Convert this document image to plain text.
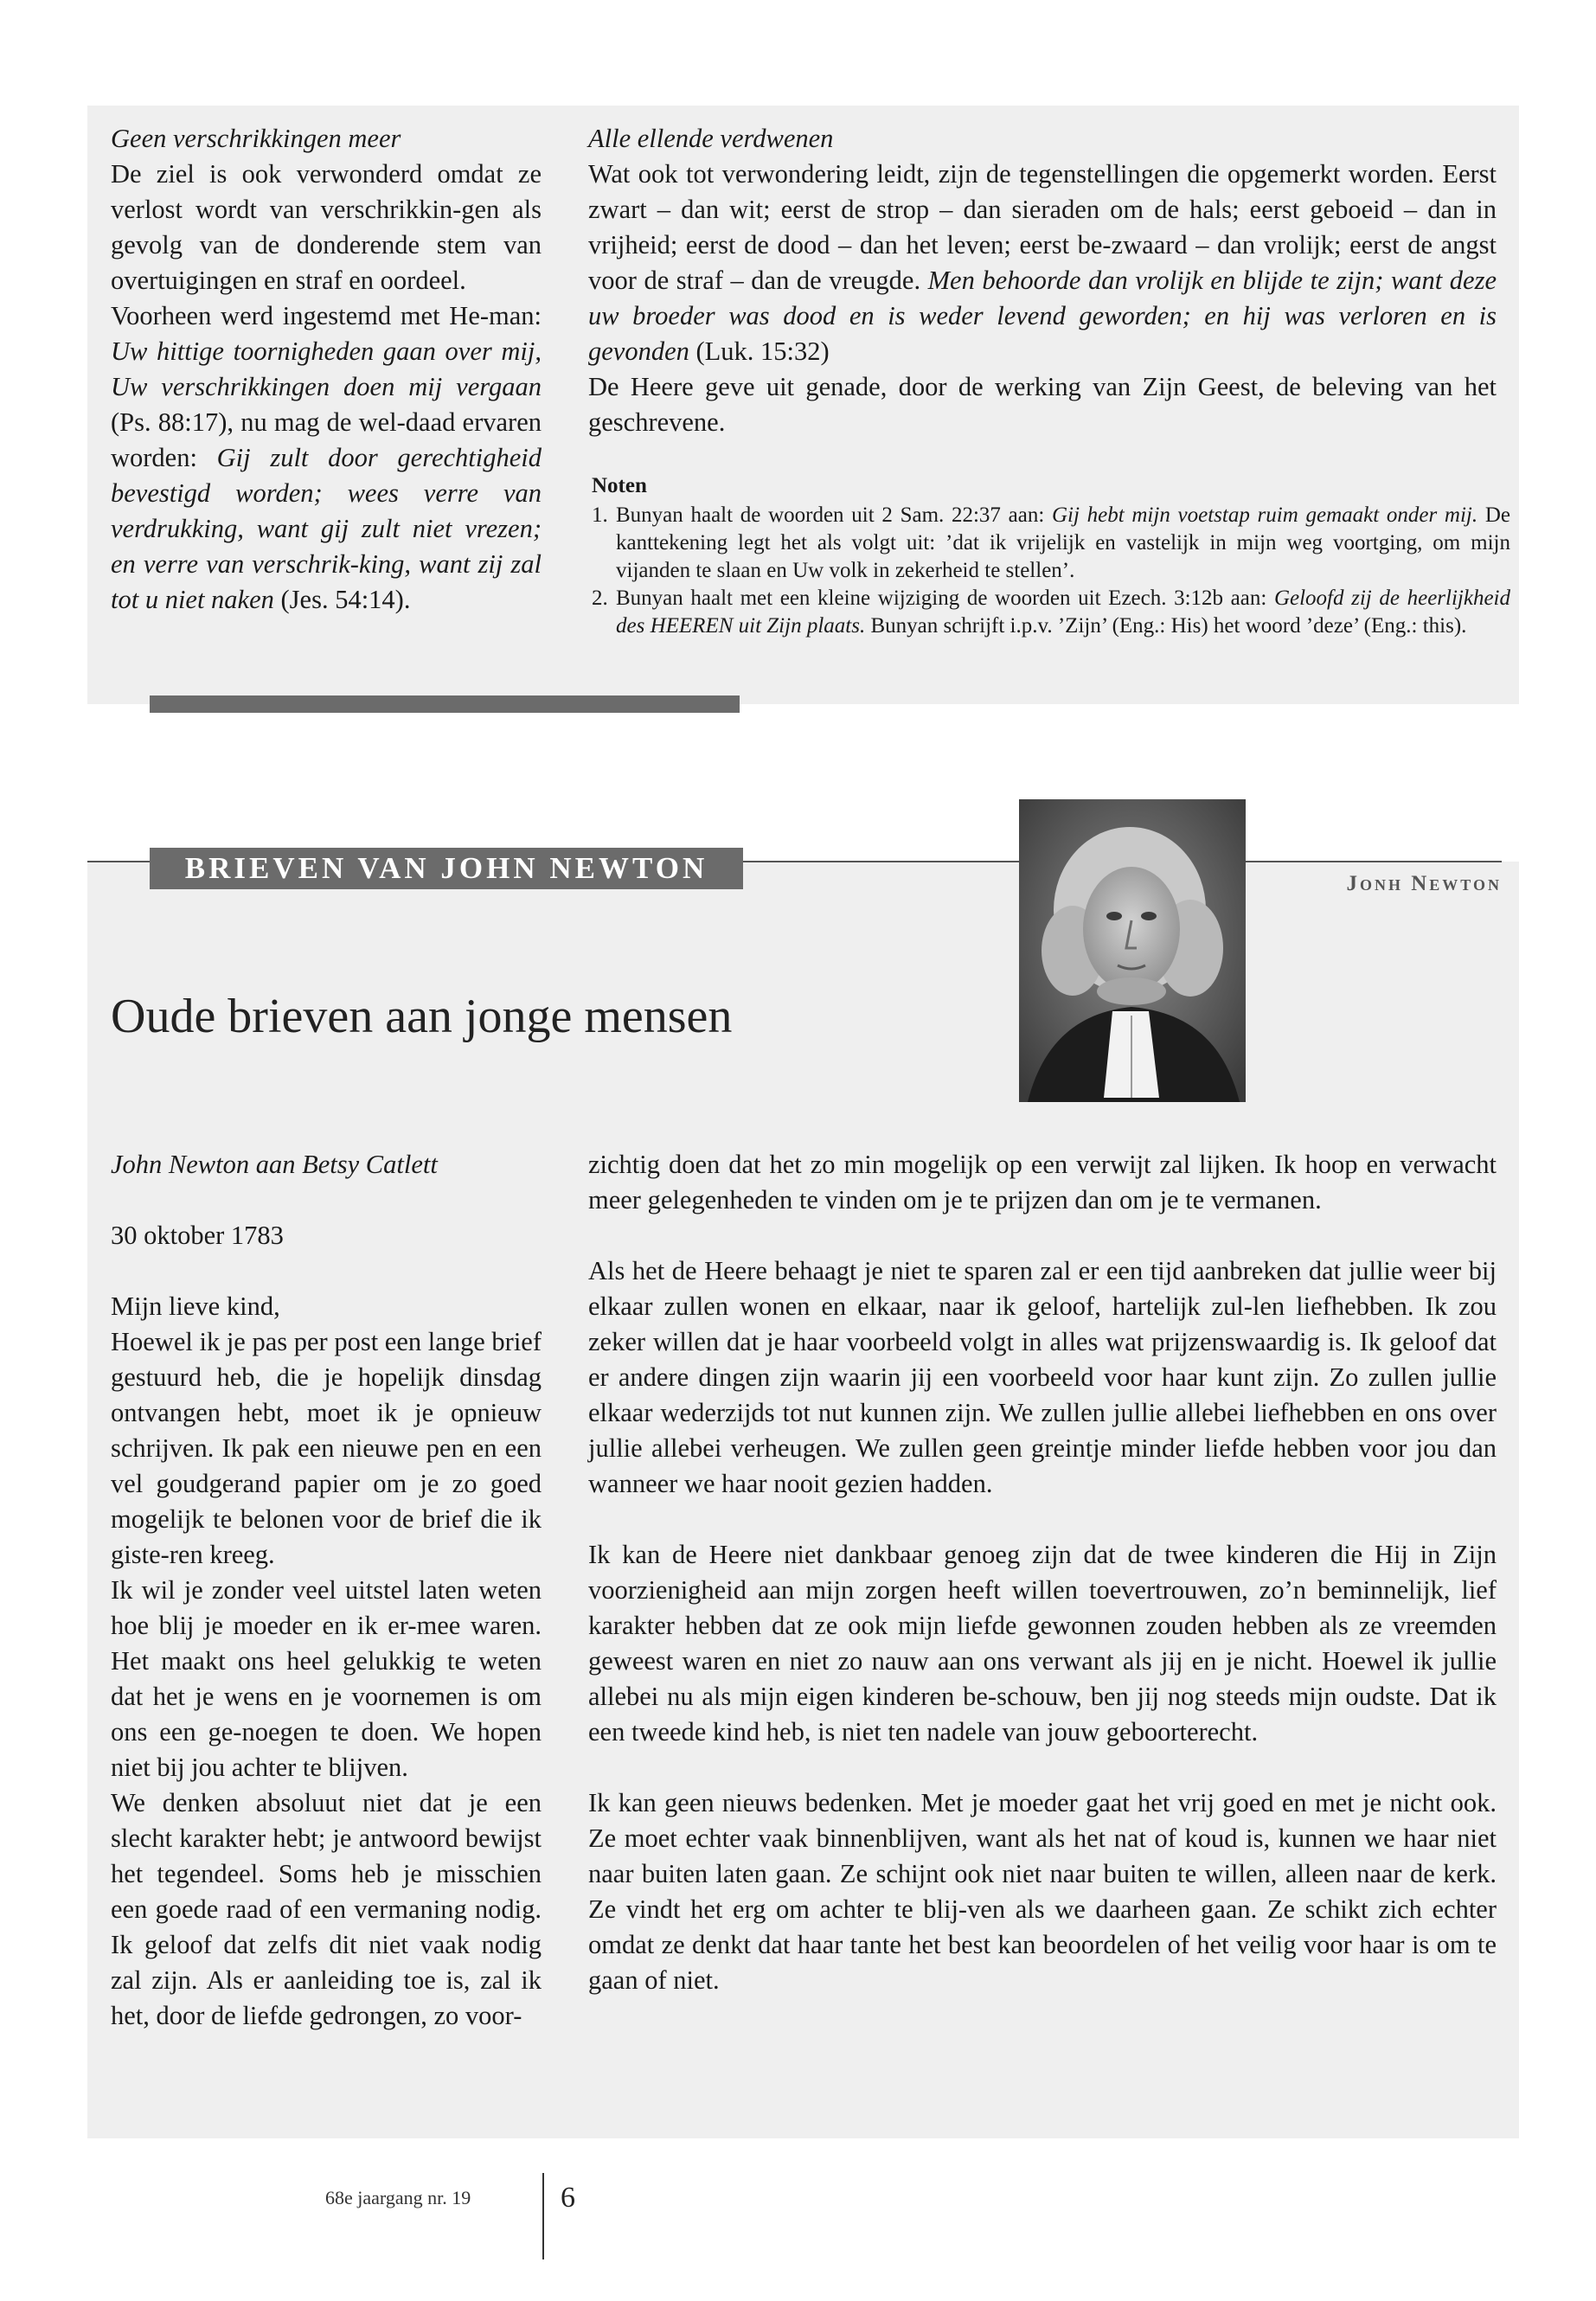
Geen verschrikkingen meer

De ziel is ook verwonderd omdat ze verlost wordt van verschrikkin-gen als gevolg van de donderende stem van overtuigingen en straf en oordeel.

Voorheen werd ingestemd met He-man: Uw hittige toornigheden gaan over mij, Uw verschrikkingen doen mij vergaan (Ps. 88:17), nu mag de wel-daad ervaren worden: Gij zult door gerechtigheid bevestigd worden; wees verre van verdrukking, want gij zult niet vrezen; en verre van verschrik-king, want zij zal tot u niet naken (Jes. 54:14).

Alle ellende verdwenen

Wat ook tot verwondering leidt, zijn de tegenstellingen die opgemerkt worden. Eerst zwart – dan wit; eerst de strop – dan sieraden om de hals; eerst geboeid – dan in vrijheid; eerst de dood – dan het leven; eerst be-zwaard – dan vrolijk; eerst de angst voor de straf – dan de vreugde. Men behoorde dan vrolijk en blijde te zijn; want deze uw broeder was dood en is weder levend geworden; en hij was verloren en is gevonden (Luk. 15:32)

De Heere geve uit genade, door de werking van Zijn Geest, de beleving van het geschrevene.

Noten

1. Bunyan haalt de woorden uit 2 Sam. 22:37 aan: Gij hebt mijn voetstap ruim gemaakt onder mij. De kanttekening legt het als volgt uit: ’dat ik vrijelijk en vastelijk in mijn weg voortging, om mijn vijanden te slaan en Uw volk in zekerheid te stellen’.
2. Bunyan haalt met een kleine wijziging de woorden uit Ezech. 3:12b aan: Geloofd zij de heerlijkheid des HEEREN uit Zijn plaats. Bunyan schrijft i.p.v. ’Zijn’ (Eng.: His) het woord ’deze’ (Eng.: this).
BRIEVEN VAN JOHN NEWTON	Jonh Newton
Oude brieven aan jonge mensen

John Newton aan Betsy Catlett

30 oktober 1783

Mijn lieve kind,

Hoewel ik je pas per post een lange brief gestuurd heb, die je hopelijk dinsdag ontvangen hebt, moet ik je opnieuw schrijven. Ik pak een nieuwe pen en een vel goudgerand papier om je zo goed mogelijk te belonen voor de brief die ik giste-ren kreeg.

Ik wil je zonder veel uitstel laten weten hoe blij je moeder en ik er-mee waren. Het maakt ons heel gelukkig te weten dat het je wens en je voornemen is om ons een ge-noegen te doen. We hopen niet bij jou achter te blijven.

We denken absoluut niet dat je een slecht karakter hebt; je antwoord bewijst het tegendeel. Soms heb je misschien een goede raad of een vermaning nodig. Ik geloof dat zelfs dit niet vaak nodig zal zijn. Als er aanleiding toe is, zal ik het, door de liefde gedrongen, zo voor-

zichtig doen dat het zo min mogelijk op een verwijt zal lijken. Ik hoop en verwacht meer gelegenheden te vinden om je te prijzen dan om je te vermanen.

Als het de Heere behaagt je niet te sparen zal er een tijd aanbreken dat jullie weer bij elkaar zullen wonen en elkaar, naar ik geloof, hartelijk zul-len liefhebben. Ik zou zeker willen dat je haar voorbeeld volgt in alles wat prijzenswaardig is. Ik geloof dat er andere dingen zijn waarin jij een voorbeeld voor haar kunt zijn. Zo zullen jullie elkaar wederzijds tot nut kunnen zijn. We zullen jullie allebei liefhebben en ons over jullie allebei verheugen. We zullen geen greintje minder liefde hebben voor jou dan wanneer we haar nooit gezien hadden.

Ik kan de Heere niet dankbaar genoeg zijn dat de twee kinderen die Hij in Zijn voorzienigheid aan mijn zorgen heeft willen toevertrouwen, zo’n beminnelijk, lief karakter hebben dat ze ook mijn liefde gewonnen zouden hebben als ze vreemden geweest waren en niet zo nauw aan ons verwant als jij en je nicht. Hoewel ik jullie allebei nu als mijn eigen kinderen be-schouw, ben jij nog steeds mijn oudste. Dat ik een tweede kind heb, is niet ten nadele van jouw geboorterecht.

Ik kan geen nieuws bedenken. Met je moeder gaat het vrij goed en met je nicht ook. Ze moet echter vaak binnenblijven, want als het nat of koud is, kunnen we haar niet naar buiten laten gaan. Ze schijnt ook niet naar buiten te willen, alleen naar de kerk. Ze vindt het erg om achter te blij-ven als we daarheen gaan. Ze schikt zich echter omdat ze denkt dat haar tante het best kan beoordelen of het veilig voor haar is om te gaan of niet.

68e jaargang nr. 19	6
